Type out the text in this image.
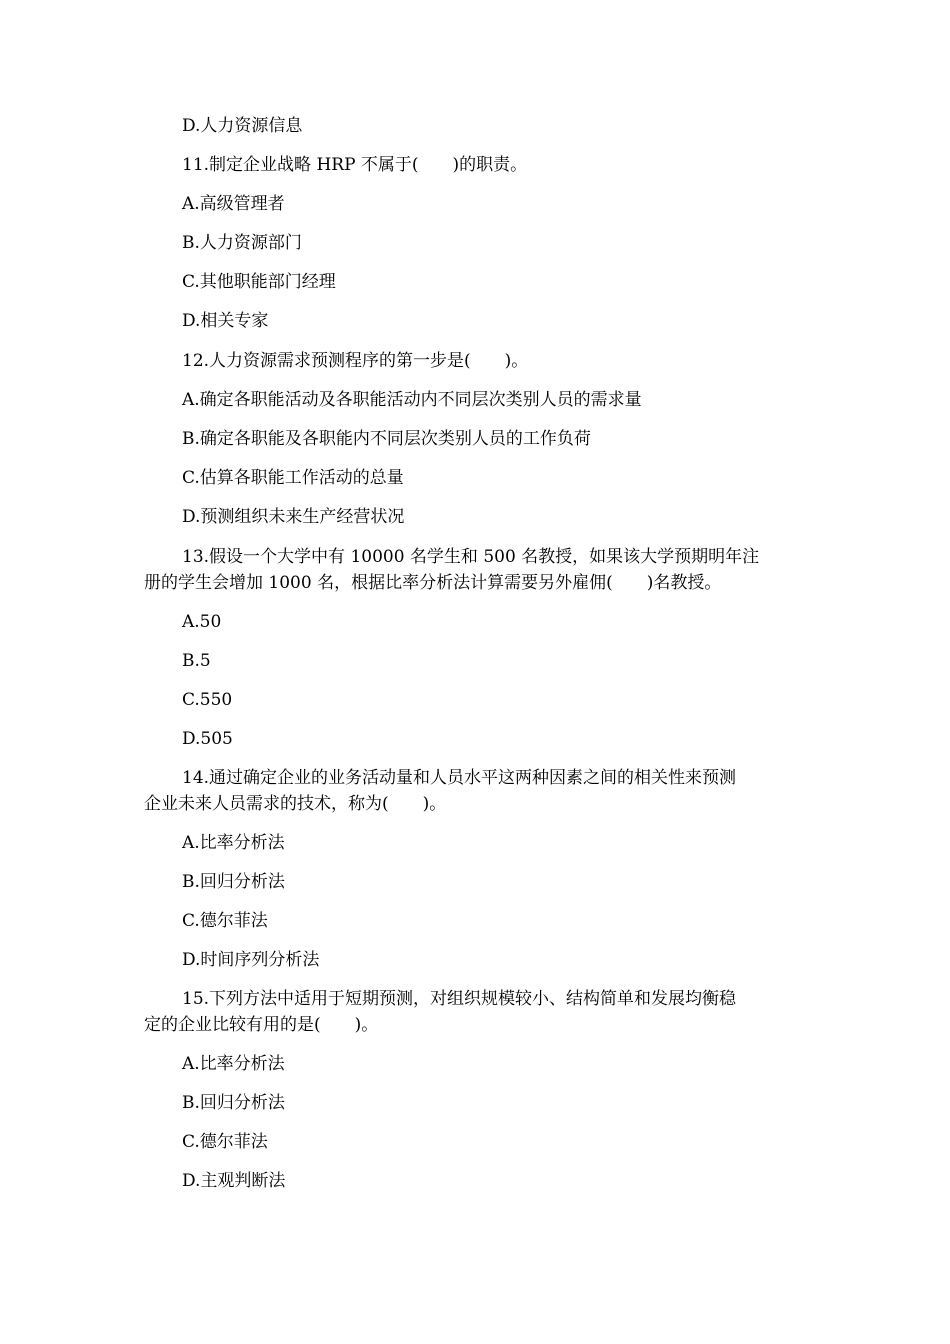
D.人力资源信息
11.制定企业战略 HRP 不属于(　　)的职责。
A.高级管理者
B.人力资源部门
C.其他职能部门经理
D.相关专家
12.人力资源需求预测程序的第一步是(　　)。
A.确定各职能活动及各职能活动内不同层次类别人员的需求量
B.确定各职能及各职能内不同层次类别人员的工作负荷
C.估算各职能工作活动的总量
D.预测组织未来生产经营状况
13.假设一个大学中有 10000 名学生和 500 名教授，如果该大学预期明年注
册的学生会增加 1000 名，根据比率分析法计算需要另外雇佣(　　)名教授。
A.50
B.5
C.550
D.505
14.通过确定企业的业务活动量和人员水平这两种因素之间的相关性来预测
企业未来人员需求的技术，称为(　　)。
A.比率分析法
B.回归分析法
C.德尔菲法
D.时间序列分析法
15.下列方法中适用于短期预测，对组织规模较小、结构简单和发展均衡稳
定的企业比较有用的是(　　)。
A.比率分析法
B.回归分析法
C.德尔菲法
D.主观判断法
